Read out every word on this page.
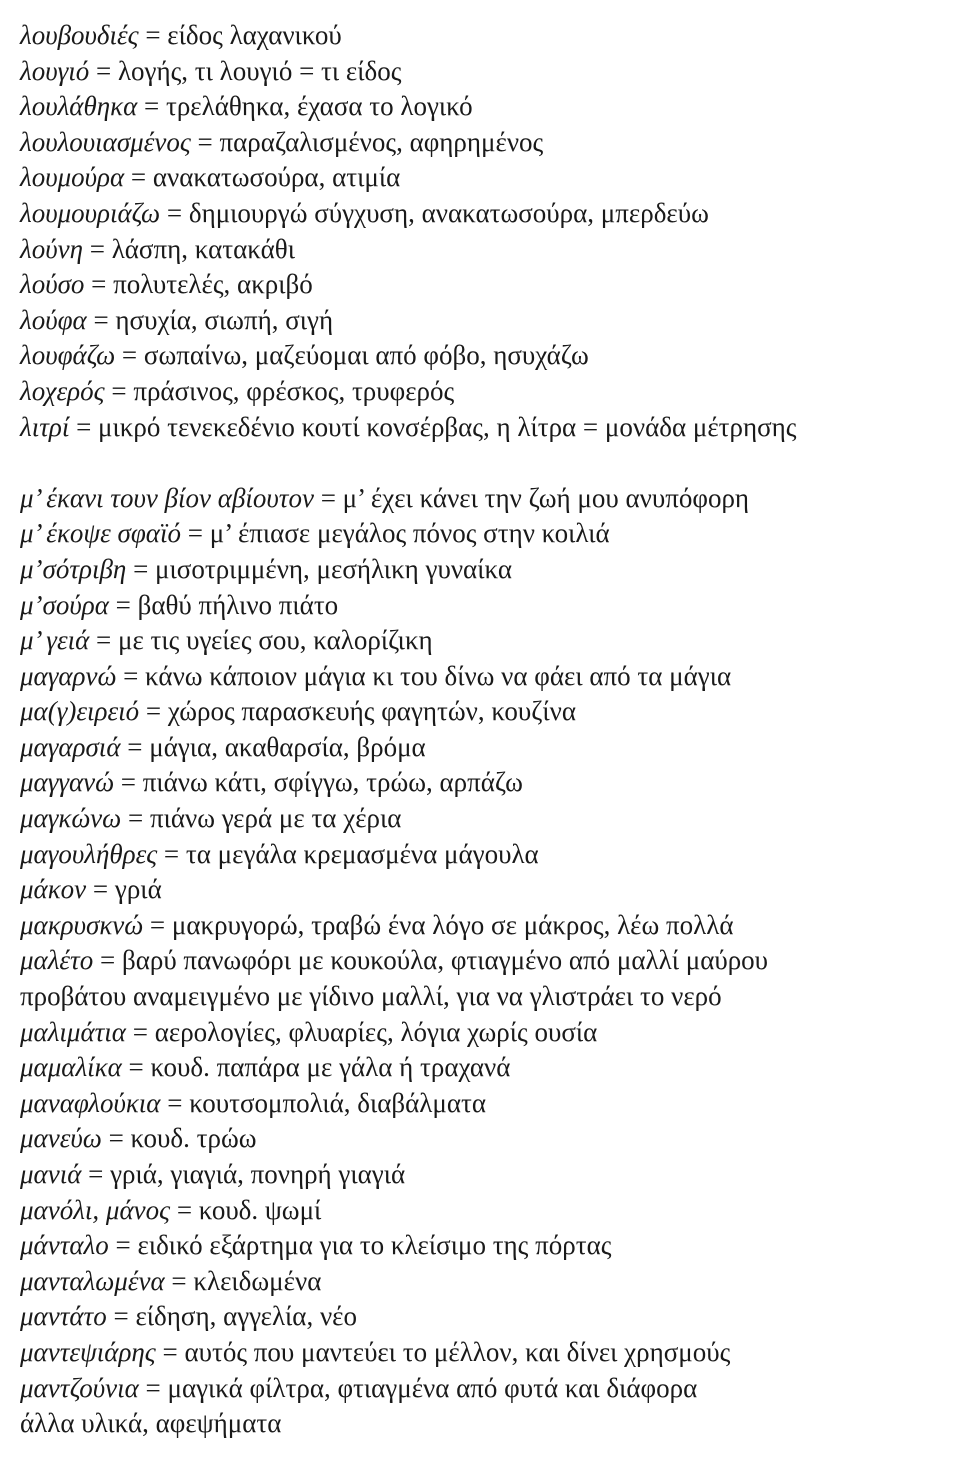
λουβουδιές = είδος λαχανικού
λουγιό = λογής, τι λουγιό = τι είδος
λουλάθηκα = τρελάθηκα, έχασα το λογικό
λουλουιασμένος = παραζαλισμένος, αφηρημένος
λουμούρα = ανακατωσούρα, ατιμία
λουμουριάζω = δημιουργώ σύγχυση, ανακατωσούρα, μπερδεύω
λούνη = λάσπη, κατακάθι
λούσο = πολυτελές, ακριβό
λούφα = ησυχία, σιωπή, σιγή
λουφάζω = σωπαίνω, μαζεύομαι από φόβο, ησυχάζω
λοχερός = πράσινος, φρέσκος, τρυφερός
λιτρί = μικρό τενεκεδένιο κουτί κονσέρβας, η λίτρα = μονάδα μέτρησης
μ’ έκανι τουν βίον αβίουτον = μ’ έχει κάνει την ζωή μου ανυπόφορη
μ’ έκοψε σφαϊό = μ’ έπιασε μεγάλος πόνος στην κοιλιά
μ’σότριβη = μισοτριμμένη, μεσήλικη γυναίκα
μ’σούρα = βαθύ πήλινο πιάτο
μ’ γειά = με τις υγείες σου, καλορίζικη
μαγαρνώ = κάνω κάποιον μάγια κι του δίνω να φάει από τα μάγια
μα(γ)ειρειό = χώρος παρασκευής φαγητών, κουζίνα
μαγαρσιά = μάγια, ακαθαρσία, βρόμα
μαγγανώ = πιάνω κάτι, σφίγγω, τρώω, αρπάζω
μαγκώνω = πιάνω γερά με τα χέρια
μαγουλήθρες = τα μεγάλα κρεμασμένα μάγουλα
μάκον = γριά
μακρυσκνώ = μακρυγορώ, τραβώ ένα λόγο σε μάκρος, λέω πολλά
μαλέτο = βαρύ πανωφόρι με κουκούλα, φτιαγμένο από μαλλί μαύρου
προβάτου αναμειγμένο με γίδινο μαλλί, για να γλιστράει το νερό
μαλιμάτια = αερολογίες, φλυαρίες, λόγια χωρίς ουσία
μαμαλίκα = κουδ. παπάρα με γάλα ή τραχανά
μαναφλούκια = κουτσομπολιά, διαβάλματα
μανεύω = κουδ. τρώω
μανιά = γριά, γιαγιά, πονηρή γιαγιά
μανόλι, μάνος = κουδ. ψωμί
μάνταλο = ειδικό εξάρτημα για το κλείσιμο της πόρτας
μανταλωμένα = κλειδωμένα
μαντάτο = είδηση, αγγελία, νέο
μαντεψιάρης = αυτός που μαντεύει το μέλλον, και δίνει χρησμούς
μαντζούνια = μαγικά φίλτρα, φτιαγμένα από φυτά και διάφορα
άλλα υλικά, αφεψήματα
